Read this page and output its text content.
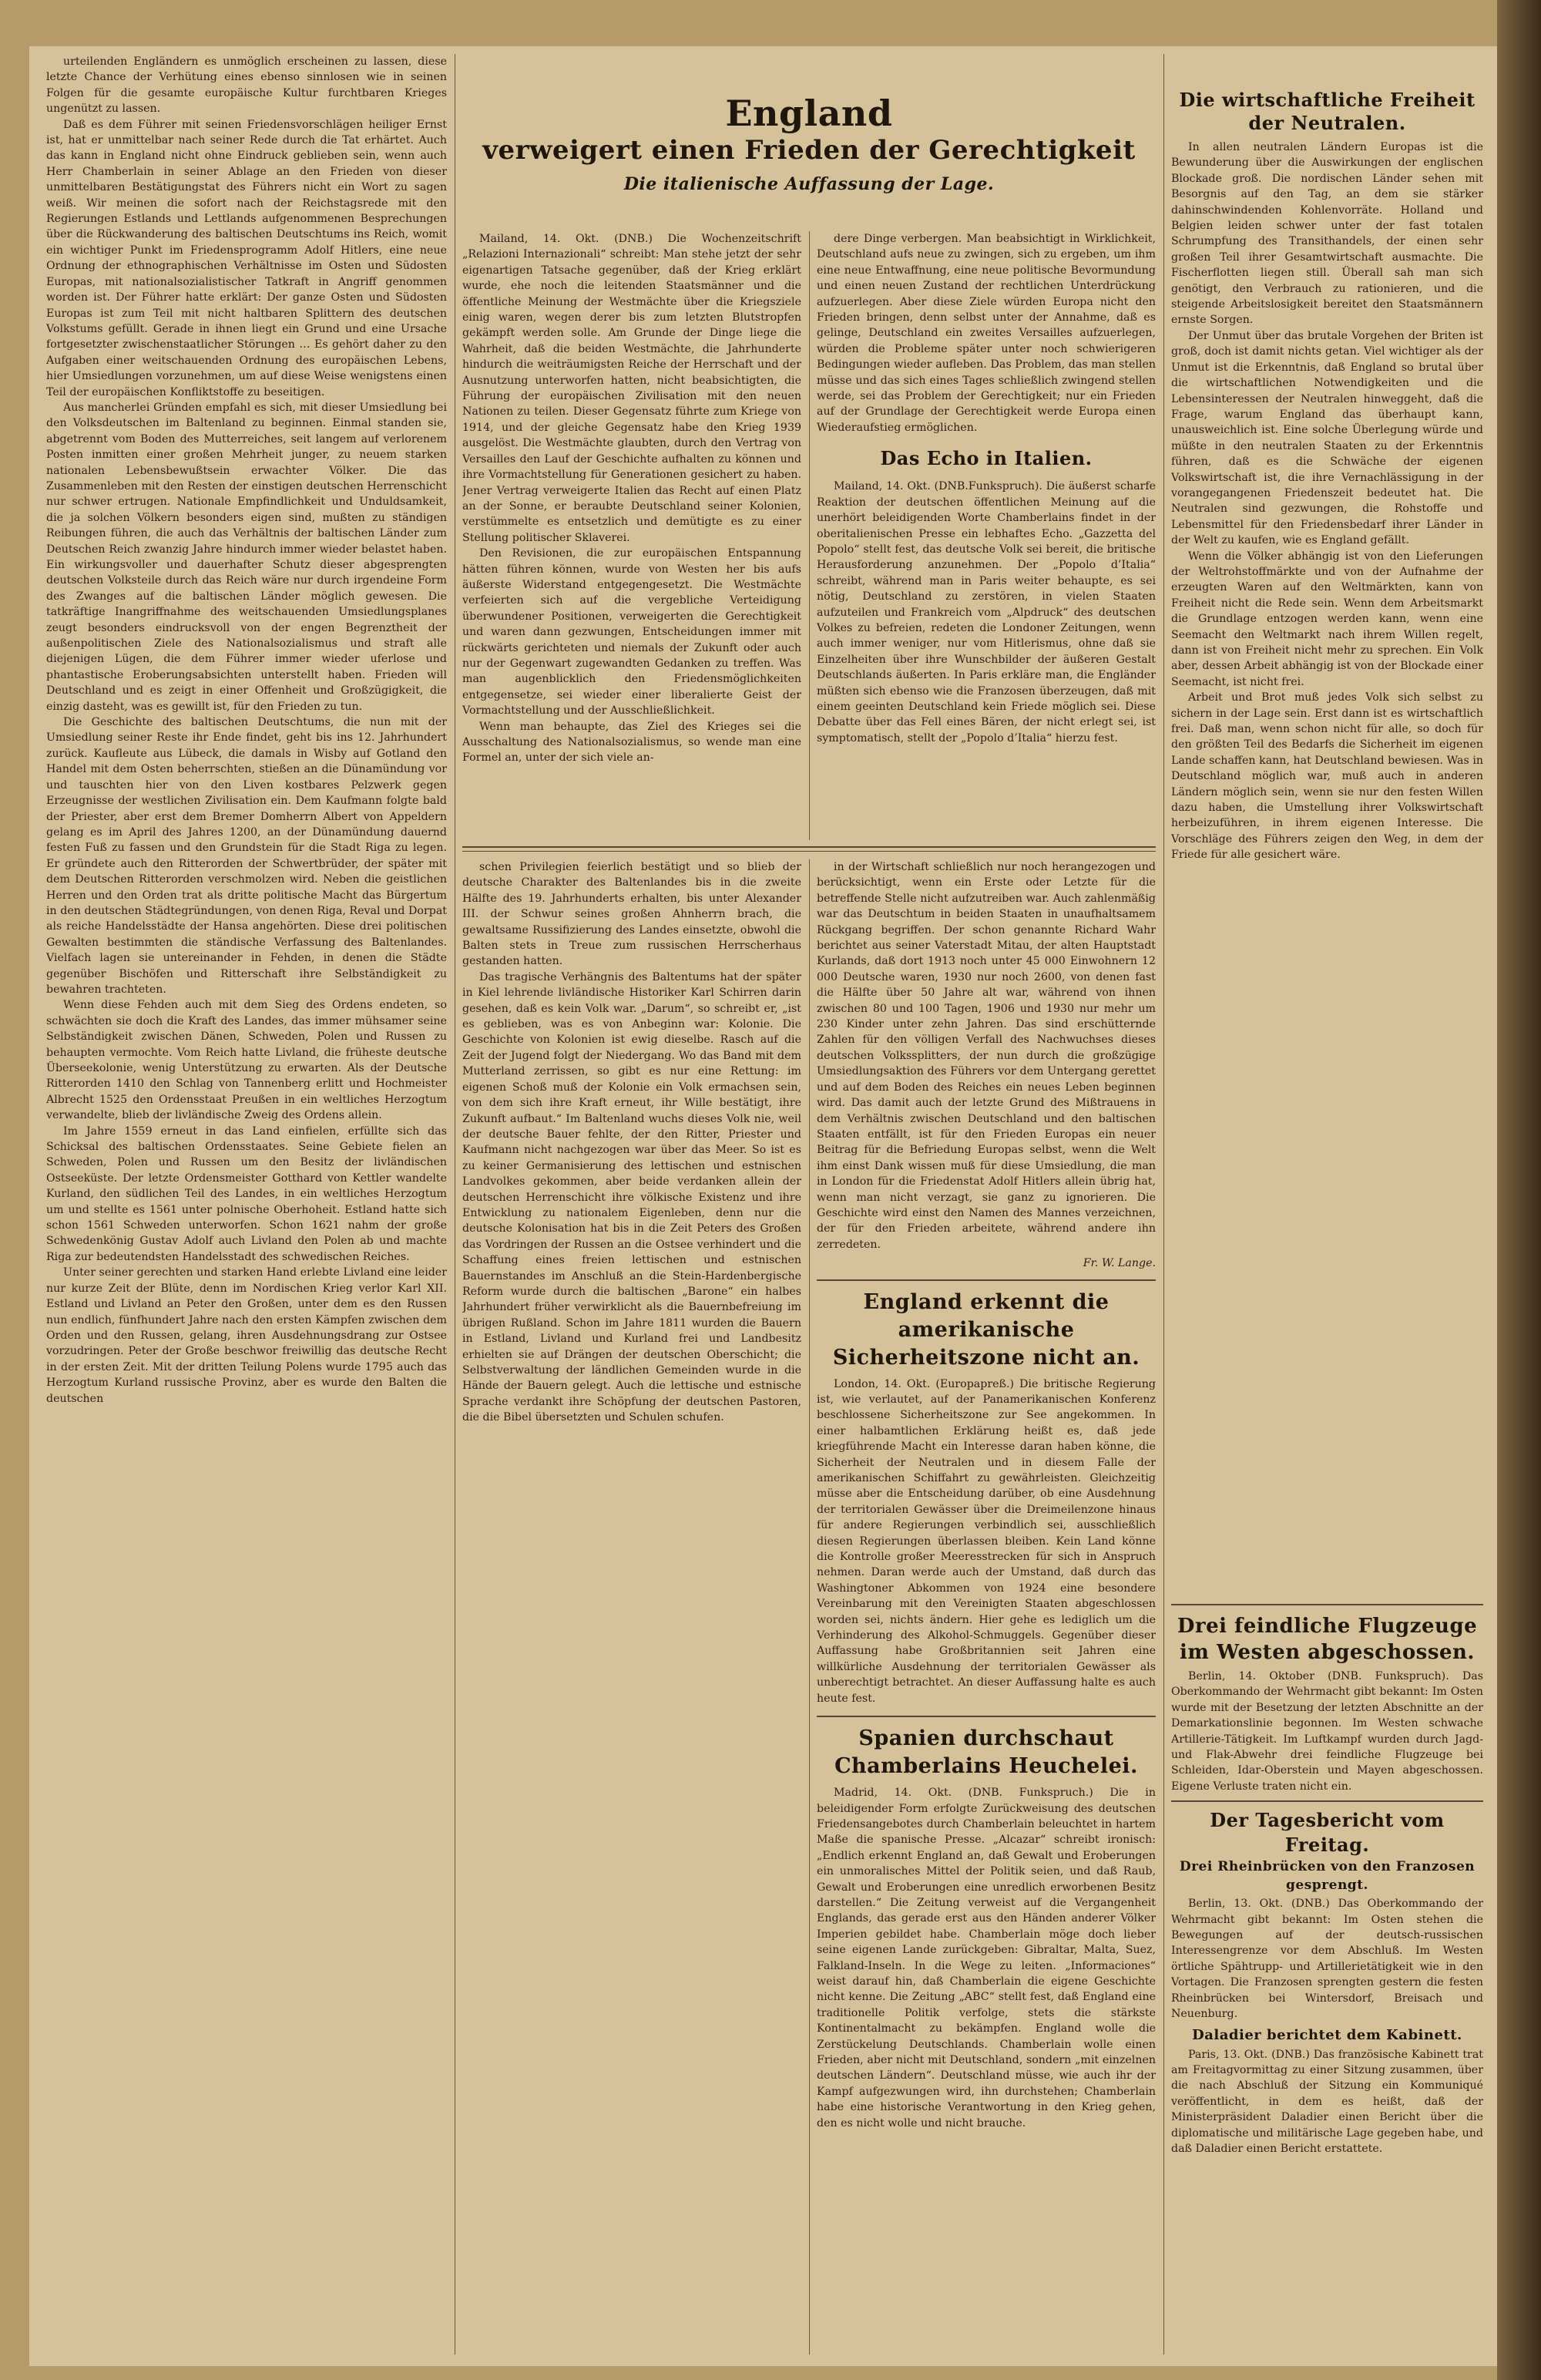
urteilenden Engländern es unmöglich erscheinen zu lassen, diese letzte Chance der Verhütung eines ebenso sinnlosen wie in seinen Folgen für die gesamte europäische Kultur furchtbaren Krieges ungenützt zu lassen.

Daß es dem Führer mit seinen Friedensvorschlägen heiliger Ernst ist, hat er unmittelbar nach seiner Rede durch die Tat erhärtet. Auch das kann in England nicht ohne Eindruck geblieben sein, wenn auch Herr Chamberlain in seiner Ablage an den Frieden von dieser unmittelbaren Bestätigungstat des Führers nicht ein Wort zu sagen weiß. Wir meinen die sofort nach der Reichstagsrede mit den Regierungen Estlands und Lettlands aufgenommenen Besprechungen über die Rückwanderung des baltischen Deutschtums ins Reich, womit ein wichtiger Punkt im Friedensprogramm Adolf Hitlers, eine neue Ordnung der ethnographischen Verhältnisse im Osten und Südosten Europas, mit nationalsozialistischer Tatkraft in Angriff genommen worden ist. Der Führer hatte erklärt: Der ganze Osten und Südosten Europas ist zum Teil mit nicht haltbaren Splittern des deutschen Volkstums gefüllt. Gerade in ihnen liegt ein Grund und eine Ursache fortgesetzter zwischenstaatlicher Störungen … Es gehört daher zu den Aufgaben einer weitschauenden Ordnung des europäischen Lebens, hier Umsiedlungen vorzunehmen, um auf diese Weise wenigstens einen Teil der europäischen Konfliktstoffe zu beseitigen.

Aus mancherlei Gründen empfahl es sich, mit dieser Umsiedlung bei den Volksdeutschen im Baltenland zu beginnen. Einmal standen sie, abgetrennt vom Boden des Mutterreiches, seit langem auf verlorenem Posten inmitten einer großen Mehrheit junger, zu neuem starken nationalen Lebensbewußtsein erwachter Völker. Die das Zusammenleben mit den Resten der einstigen deutschen Herrenschicht nur schwer ertrugen. Nationale Empfindlichkeit und Unduldsamkeit, die ja solchen Völkern besonders eigen sind, mußten zu ständigen Reibungen führen, die auch das Verhältnis der baltischen Länder zum Deutschen Reich zwanzig Jahre hindurch immer wieder belastet haben. Ein wirkungsvoller und dauerhafter Schutz dieser abgesprengten deutschen Volksteile durch das Reich wäre nur durch irgendeine Form des Zwanges auf die baltischen Länder möglich gewesen. Die tatkräftige Inangriffnahme des weitschauenden Umsiedlungsplanes zeugt besonders eindrucksvoll von der engen Begrenztheit der außenpolitischen Ziele des Nationalsozialismus und straft alle diejenigen Lügen, die dem Führer immer wieder uferlose und phantastische Eroberungsabsichten unterstellt haben. Frieden will Deutschland und es zeigt in einer Offenheit und Großzügigkeit, die einzig dasteht, was es gewillt ist, für den Frieden zu tun.

Die Geschichte des baltischen Deutschtums, die nun mit der Umsiedlung seiner Reste ihr Ende findet, geht bis ins 12. Jahrhundert zurück. Kaufleute aus Lübeck, die damals in Wisby auf Gotland den Handel mit dem Osten beherrschten, stießen an die Dünamündung vor und tauschten hier von den Liven kostbares Pelzwerk gegen Erzeugnisse der westlichen Zivilisation ein. Dem Kaufmann folgte bald der Priester, aber erst dem Bremer Domherrn Albert von Appeldern gelang es im April des Jahres 1200, an der Dünamündung dauernd festen Fuß zu fassen und den Grundstein für die Stadt Riga zu legen. Er gründete auch den Ritterorden der Schwertbrüder, der später mit dem Deutschen Ritterorden verschmolzen wird. Neben die geistlichen Herren und den Orden trat als dritte politische Macht das Bürgertum in den deutschen Städtegründungen, von denen Riga, Reval und Dorpat als reiche Handelsstädte der Hansa angehörten. Diese drei politischen Gewalten bestimmten die ständische Verfassung des Baltenlandes. Vielfach lagen sie untereinander in Fehden, in denen die Städte gegenüber Bischöfen und Ritterschaft ihre Selbständigkeit zu bewahren trachteten.

Wenn diese Fehden auch mit dem Sieg des Ordens endeten, so schwächten sie doch die Kraft des Landes, das immer mühsamer seine Selbständigkeit zwischen Dänen, Schweden, Polen und Russen zu behaupten vermochte. Vom Reich hatte Livland, die früheste deutsche Überseekolonie, wenig Unterstützung zu erwarten. Als der Deutsche Ritterorden 1410 den Schlag von Tannenberg erlitt und Hochmeister Albrecht 1525 den Ordensstaat Preußen in ein weltliches Herzogtum verwandelte, blieb der livländische Zweig des Ordens allein.

Im Jahre 1559 erneut in das Land einfielen, erfüllte sich das Schicksal des baltischen Ordensstaates. Seine Gebiete fielen an Schweden, Polen und Russen um den Besitz der livländischen Ostseeküste. Der letzte Ordensmeister Gotthard von Kettler wandelte Kurland, den südlichen Teil des Landes, in ein weltliches Herzogtum um und stellte es 1561 unter polnische Oberhoheit. Estland hatte sich schon 1561 Schweden unterworfen. Schon 1621 nahm der große Schwedenkönig Gustav Adolf auch Livland den Polen ab und machte Riga zur bedeutendsten Handelsstadt des schwedischen Reiches.

Unter seiner gerechten und starken Hand erlebte Livland eine leider nur kurze Zeit der Blüte, denn im Nordischen Krieg verlor Karl XII. Estland und Livland an Peter den Großen, unter dem es den Russen nun endlich, fünfhundert Jahre nach den ersten Kämpfen zwischen dem Orden und den Russen, gelang, ihren Ausdehnungsdrang zur Ostsee vorzudringen. Peter der Große beschwor freiwillig das deutsche Recht in der ersten Zeit. Mit der dritten Teilung Polens wurde 1795 auch das Herzogtum Kurland russische Provinz, aber es wurde den Balten die deutschen

England
verweigert einen Frieden der Gerechtigkeit
Die italienische Auffassung der Lage.

Mailand, 14. Okt. (DNB.) Die Wochenzeitschrift „Relazioni Internazionali“ schreibt: Man stehe jetzt der sehr eigenartigen Tatsache gegenüber, daß der Krieg erklärt wurde, ehe noch die leitenden Staatsmänner und die öffentliche Meinung der Westmächte über die Kriegsziele einig waren, wegen derer bis zum letzten Blutstropfen gekämpft werden solle. Am Grunde der Dinge liege die Wahrheit, daß die beiden Westmächte, die Jahrhunderte hindurch die weiträumigsten Reiche der Herrschaft und der Ausnutzung unterworfen hatten, nicht beabsichtigten, die Führung der europäischen Zivilisation mit den neuen Nationen zu teilen. Dieser Gegensatz führte zum Kriege von 1914, und der gleiche Gegensatz habe den Krieg 1939 ausgelöst. Die Westmächte glaubten, durch den Vertrag von Versailles den Lauf der Geschichte aufhalten zu können und ihre Vormachtstellung für Generationen gesichert zu haben. Jener Vertrag verweigerte Italien das Recht auf einen Platz an der Sonne, er beraubte Deutschland seiner Kolonien, verstümmelte es entsetzlich und demütigte es zu einer Stellung politischer Sklaverei.

Den Revisionen, die zur europäischen Entspannung hätten führen können, wurde von Westen her bis aufs äußerste Widerstand entgegengesetzt. Die Westmächte verfeierten sich auf die vergebliche Verteidigung überwundener Positionen, verweigerten die Gerechtigkeit und waren dann gezwungen, Entscheidungen immer mit rückwärts gerichteten und niemals der Zukunft oder auch nur der Gegenwart zugewandten Gedanken zu treffen. Was man augenblicklich den Friedensmöglichkeiten entgegensetze, sei wieder einer liberalierte Geist der Vormachtstellung und der Ausschließlichkeit.

Wenn man behaupte, das Ziel des Krieges sei die Ausschaltung des Nationalsozialismus, so wende man eine Formel an, unter der sich viele an-

dere Dinge verbergen. Man beabsichtigt in Wirklichkeit, Deutschland aufs neue zu zwingen, sich zu ergeben, um ihm eine neue Entwaffnung, eine neue politische Bevormundung und einen neuen Zustand der rechtlichen Unterdrückung aufzuerlegen. Aber diese Ziele würden Europa nicht den Frieden bringen, denn selbst unter der Annahme, daß es gelinge, Deutschland ein zweites Versailles aufzuerlegen, würden die Probleme später unter noch schwierigeren Bedingungen wieder aufleben. Das Problem, das man stellen müsse und das sich eines Tages schließlich zwingend stellen werde, sei das Problem der Gerechtigkeit; nur ein Frieden auf der Grundlage der Gerechtigkeit werde Europa einen Wiederaufstieg ermöglichen.

Das Echo in Italien.

Mailand, 14. Okt. (DNB.Funkspruch). Die äußerst scharfe Reaktion der deutschen öffentlichen Meinung auf die unerhört beleidigenden Worte Chamberlains findet in der oberitalienischen Presse ein lebhaftes Echo. „Gazzetta del Popolo“ stellt fest, das deutsche Volk sei bereit, die britische Herausforderung anzunehmen. Der „Popolo d’Italia“ schreibt, während man in Paris weiter behaupte, es sei nötig, Deutschland zu zerstören, in vielen Staaten aufzuteilen und Frankreich vom „Alpdruck“ des deutschen Volkes zu befreien, redeten die Londoner Zeitungen, wenn auch immer weniger, nur vom Hitlerismus, ohne daß sie Einzelheiten über ihre Wunschbilder der äußeren Gestalt Deutschlands äußerten. In Paris erkläre man, die Engländer müßten sich ebenso wie die Franzosen überzeugen, daß mit einem geeinten Deutschland kein Friede möglich sei. Diese Debatte über das Fell eines Bären, der nicht erlegt sei, ist symptomatisch, stellt der „Popolo d’Italia“ hierzu fest.

schen Privilegien feierlich bestätigt und so blieb der deutsche Charakter des Baltenlandes bis in die zweite Hälfte des 19. Jahrhunderts erhalten, bis unter Alexander III. der Schwur seines großen Ahnherrn brach, die gewaltsame Russifizierung des Landes einsetzte, obwohl die Balten stets in Treue zum russischen Herrscherhaus gestanden hatten.

Das tragische Verhängnis des Baltentums hat der später in Kiel lehrende livländische Historiker Karl Schirren darin gesehen, daß es kein Volk war. „Darum“, so schreibt er, „ist es geblieben, was es von Anbeginn war: Kolonie. Die Geschichte von Kolonien ist ewig dieselbe. Rasch auf die Zeit der Jugend folgt der Niedergang. Wo das Band mit dem Mutterland zerrissen, so gibt es nur eine Rettung: im eigenen Schoß muß der Kolonie ein Volk ermachsen sein, von dem sich ihre Kraft erneut, ihr Wille bestätigt, ihre Zukunft aufbaut.“ Im Baltenland wuchs dieses Volk nie, weil der deutsche Bauer fehlte, der den Ritter, Priester und Kaufmann nicht nachgezogen war über das Meer. So ist es zu keiner Germanisierung des lettischen und estnischen Landvolkes gekommen, aber beide verdanken allein der deutschen Herrenschicht ihre völkische Existenz und ihre Entwicklung zu nationalem Eigenleben, denn nur die deutsche Kolonisation hat bis in die Zeit Peters des Großen das Vordringen der Russen an die Ostsee verhindert und die Schaffung eines freien lettischen und estnischen Bauernstandes im Anschluß an die Stein-Hardenbergische Reform wurde durch die baltischen „Barone“ ein halbes Jahrhundert früher verwirklicht als die Bauernbefreiung im übrigen Rußland. Schon im Jahre 1811 wurden die Bauern in Estland, Livland und Kurland frei und Landbesitz erhielten sie auf Drängen der deutschen Oberschicht; die Selbstverwaltung der ländlichen Gemeinden wurde in die Hände der Bauern gelegt. Auch die lettische und estnische Sprache verdankt ihre Schöpfung der deutschen Pastoren, die die Bibel übersetzten und Schulen schufen.

in der Wirtschaft schließlich nur noch herangezogen und berücksichtigt, wenn ein Erste oder Letzte für die betreffende Stelle nicht aufzutreiben war. Auch zahlenmäßig war das Deutschtum in beiden Staaten in unaufhaltsamem Rückgang begriffen. Der schon genannte Richard Wahr berichtet aus seiner Vaterstadt Mitau, der alten Hauptstadt Kurlands, daß dort 1913 noch unter 45 000 Einwohnern 12 000 Deutsche waren, 1930 nur noch 2600, von denen fast die Hälfte über 50 Jahre alt war, während von ihnen zwischen 80 und 100 Tagen, 1906 und 1930 nur mehr um 230 Kinder unter zehn Jahren. Das sind erschütternde Zahlen für den völligen Verfall des Nachwuchses dieses deutschen Volkssplitters, der nun durch die großzügige Umsiedlungsaktion des Führers vor dem Untergang gerettet und auf dem Boden des Reiches ein neues Leben beginnen wird. Das damit auch der letzte Grund des Mißtrauens in dem Verhältnis zwischen Deutschland und den baltischen Staaten entfällt, ist für den Frieden Europas ein neuer Beitrag für die Befriedung Europas selbst, wenn die Welt ihm einst Dank wissen muß für diese Umsiedlung, die man in London für die Friedenstat Adolf Hitlers allein übrig hat, wenn man nicht verzagt, sie ganz zu ignorieren. Die Geschichte wird einst den Namen des Mannes verzeichnen, der für den Frieden arbeitete, während andere ihn zerredeten.

Fr. W. Lange.
England erkennt die amerikanische Sicherheitszone nicht an.

London, 14. Okt. (Europapreß.) Die britische Regierung ist, wie verlautet, auf der Panamerikanischen Konferenz beschlossene Sicherheitszone zur See angekommen. In einer halbamtlichen Erklärung heißt es, daß jede kriegführende Macht ein Interesse daran haben könne, die Sicherheit der Neutralen und in diesem Falle der amerikanischen Schiffahrt zu gewährleisten. Gleichzeitig müsse aber die Entscheidung darüber, ob eine Ausdehnung der territorialen Gewässer über die Dreimeilenzone hinaus für andere Regierungen verbindlich sei, ausschließlich diesen Regierungen überlassen bleiben. Kein Land könne die Kontrolle großer Meeresstrecken für sich in Anspruch nehmen. Daran werde auch der Umstand, daß durch das Washingtoner Abkommen von 1924 eine besondere Vereinbarung mit den Vereinigten Staaten abgeschlossen worden sei, nichts ändern. Hier gehe es lediglich um die Verhinderung des Alkohol-Schmuggels. Gegenüber dieser Auffassung habe Großbritannien seit Jahren eine willkürliche Ausdehnung der territorialen Gewässer als unberechtigt betrachtet. An dieser Auffassung halte es auch heute fest.

Spanien durchschaut Chamberlains Heuchelei.

Madrid, 14. Okt. (DNB. Funkspruch.) Die in beleidigender Form erfolgte Zurückweisung des deutschen Friedensangebotes durch Chamberlain beleuchtet in hartem Maße die spanische Presse. „Alcazar“ schreibt ironisch: „Endlich erkennt England an, daß Gewalt und Eroberungen ein unmoralisches Mittel der Politik seien, und daß Raub, Gewalt und Eroberungen eine unredlich erworbenen Besitz darstellen.“ Die Zeitung verweist auf die Vergangenheit Englands, das gerade erst aus den Händen anderer Völker Imperien gebildet habe. Chamberlain möge doch lieber seine eigenen Lande zurückgeben: Gibraltar, Malta, Suez, Falkland-Inseln. In die Wege zu leiten. „Informaciones“ weist darauf hin, daß Chamberlain die eigene Geschichte nicht kenne. Die Zeitung „ABC“ stellt fest, daß England eine traditionelle Politik verfolge, stets die stärkste Kontinentalmacht zu bekämpfen. England wolle die Zerstückelung Deutschlands. Chamberlain wolle einen Frieden, aber nicht mit Deutschland, sondern „mit einzelnen deutschen Ländern“. Deutschland müsse, wie auch ihr der Kampf aufgezwungen wird, ihn durchstehen; Chamberlain habe eine historische Verantwortung in den Krieg gehen, den es nicht wolle und nicht brauche.

Die wirtschaftliche Freiheit
der Neutralen.

In allen neutralen Ländern Europas ist die Bewunderung über die Auswirkungen der englischen Blockade groß. Die nordischen Länder sehen mit Besorgnis auf den Tag, an dem sie stärker dahinschwindenden Kohlenvorräte. Holland und Belgien leiden schwer unter der fast totalen Schrumpfung des Transithandels, der einen sehr großen Teil ihrer Gesamtwirtschaft ausmachte. Die Fischerflotten liegen still. Überall sah man sich genötigt, den Verbrauch zu rationieren, und die steigende Arbeitslosigkeit bereitet den Staatsmännern ernste Sorgen.

Der Unmut über das brutale Vorgehen der Briten ist groß, doch ist damit nichts getan. Viel wichtiger als der Unmut ist die Erkenntnis, daß England so brutal über die wirtschaftlichen Notwendigkeiten und die Lebensinteressen der Neutralen hinweggeht, daß die Frage, warum England das überhaupt kann, unausweichlich ist. Eine solche Überlegung würde und müßte in den neutralen Staaten zu der Erkenntnis führen, daß es die Schwäche der eigenen Volkswirtschaft ist, die ihre Vernachlässigung in der vorangegangenen Friedenszeit bedeutet hat. Die Neutralen sind gezwungen, die Rohstoffe und Lebensmittel für den Friedensbedarf ihrer Länder in der Welt zu kaufen, wie es England gefällt.

Wenn die Völker abhängig ist von den Lieferungen der Weltrohstoffmärkte und von der Aufnahme der erzeugten Waren auf den Weltmärkten, kann von Freiheit nicht die Rede sein. Wenn dem Arbeitsmarkt die Grundlage entzogen werden kann, wenn eine Seemacht den Weltmarkt nach ihrem Willen regelt, dann ist von Freiheit nicht mehr zu sprechen. Ein Volk aber, dessen Arbeit abhängig ist von der Blockade einer Seemacht, ist nicht frei.

Arbeit und Brot muß jedes Volk sich selbst zu sichern in der Lage sein. Erst dann ist es wirtschaftlich frei. Daß man, wenn schon nicht für alle, so doch für den größten Teil des Bedarfs die Sicherheit im eigenen Lande schaffen kann, hat Deutschland bewiesen. Was in Deutschland möglich war, muß auch in anderen Ländern möglich sein, wenn sie nur den festen Willen dazu haben, die Umstellung ihrer Volkswirtschaft herbeizuführen, in ihrem eigenen Interesse. Die Vorschläge des Führers zeigen den Weg, in dem der Friede für alle gesichert wäre.

Drei feindliche Flugzeuge
im Westen abgeschossen.

Berlin, 14. Oktober (DNB. Funkspruch). Das Oberkommando der Wehrmacht gibt bekannt: Im Osten wurde mit der Besetzung der letzten Abschnitte an der Demarkationslinie begonnen. Im Westen schwache Artillerie-Tätigkeit. Im Luftkampf wurden durch Jagd- und Flak-Abwehr drei feindliche Flugzeuge bei Schleiden, Idar-Oberstein und Mayen abgeschossen. Eigene Verluste traten nicht ein.

Der Tagesbericht vom Freitag.
Drei Rheinbrücken von den Franzosen gesprengt.

Berlin, 13. Okt. (DNB.) Das Oberkommando der Wehrmacht gibt bekannt: Im Osten stehen die Bewegungen auf der deutsch-russischen Interessengrenze vor dem Abschluß. Im Westen örtliche Spähtrupp- und Artillerietätigkeit wie in den Vortagen. Die Franzosen sprengten gestern die festen Rheinbrücken bei Wintersdorf, Breisach und Neuenburg.

Daladier berichtet dem Kabinett.

Paris, 13. Okt. (DNB.) Das französische Kabinett trat am Freitagvormittag zu einer Sitzung zusammen, über die nach Abschluß der Sitzung ein Kommuniqué veröffentlicht, in dem es heißt, daß der Ministerpräsident Daladier einen Bericht über die diplomatische und militärische Lage gegeben habe, und daß Daladier einen Bericht erstattete.
